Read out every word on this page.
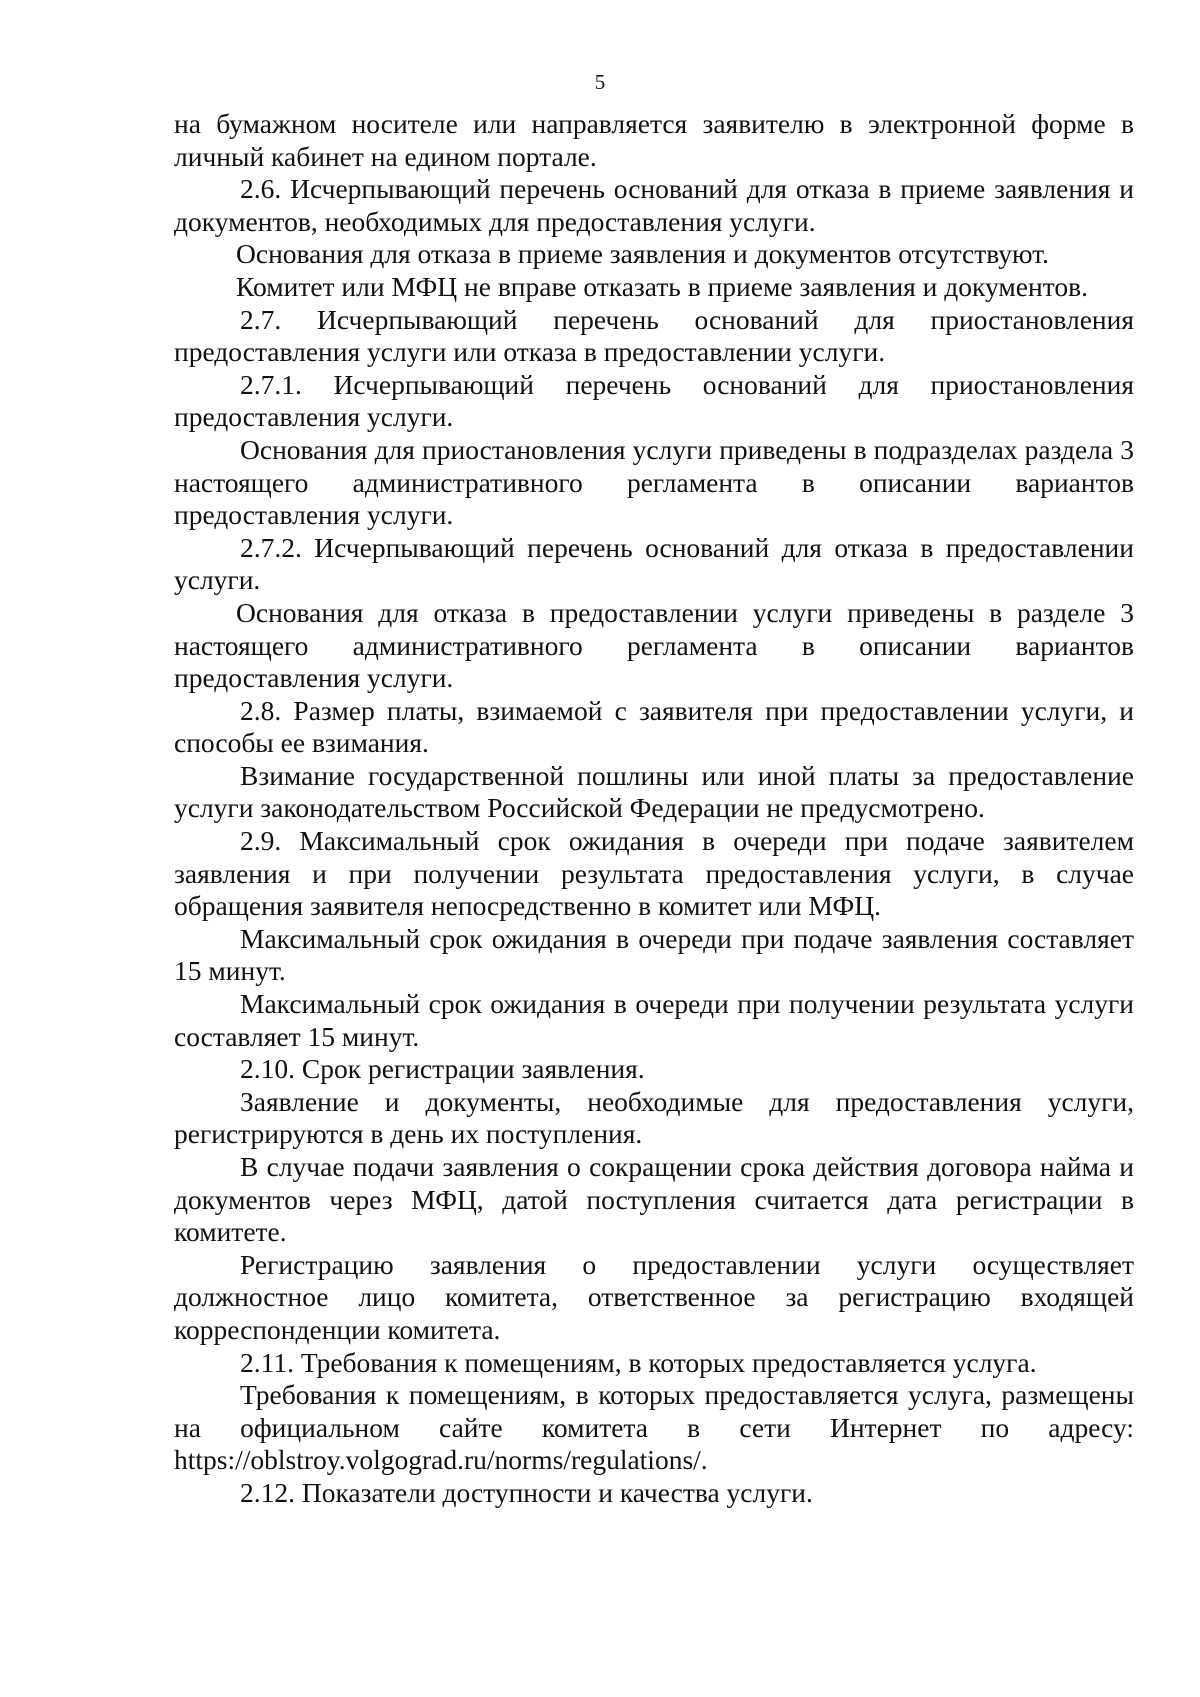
5

на бумажном носителе или направляется заявителю в электронной форме в личный кабинет на едином портале.

2.6. Исчерпывающий перечень оснований для отказа в приеме заявления и документов, необходимых для предоставления услуги.

Основания для отказа в приеме заявления и документов отсутствуют.

Комитет или МФЦ не вправе отказать в приеме заявления и документов.

2.7. Исчерпывающий перечень оснований для приостановления предоставления услуги или отказа в предоставлении услуги.

2.7.1. Исчерпывающий перечень оснований для приостановления предоставления услуги.

Основания для приостановления услуги приведены в подразделах раздела 3 настоящего административного регламента в описании вариантов предоставления услуги.

2.7.2. Исчерпывающий перечень оснований для отказа в предоставлении услуги.

Основания для отказа в предоставлении услуги приведены в разделе 3 настоящего административного регламента в описании вариантов предоставления услуги.

2.8. Размер платы, взимаемой с заявителя при предоставлении услуги, и способы ее взимания.

Взимание государственной пошлины или иной платы за предоставление услуги законодательством Российской Федерации не предусмотрено.

2.9. Максимальный срок ожидания в очереди при подаче заявителем заявления и при получении результата предоставления услуги, в случае обращения заявителя непосредственно в комитет или МФЦ.

Максимальный срок ожидания в очереди при подаче заявления составляет 15 минут.

Максимальный срок ожидания в очереди при получении результата услуги составляет 15 минут.

2.10. Срок регистрации заявления.

Заявление и документы, необходимые для предоставления услуги, регистрируются в день их поступления.

В случае подачи заявления о сокращении срока действия договора найма и документов через МФЦ, датой поступления считается дата регистрации в комитете.

Регистрацию заявления о предоставлении услуги осуществляет должностное лицо комитета, ответственное за регистрацию входящей корреспонденции комитета.

2.11. Требования к помещениям, в которых предоставляется услуга.

Требования к помещениям, в которых предоставляется услуга, размещены на официальном сайте комитета в сети Интернет по адресу: https://oblstroy.volgograd.ru/norms/regulations/.

2.12. Показатели доступности и качества услуги.
